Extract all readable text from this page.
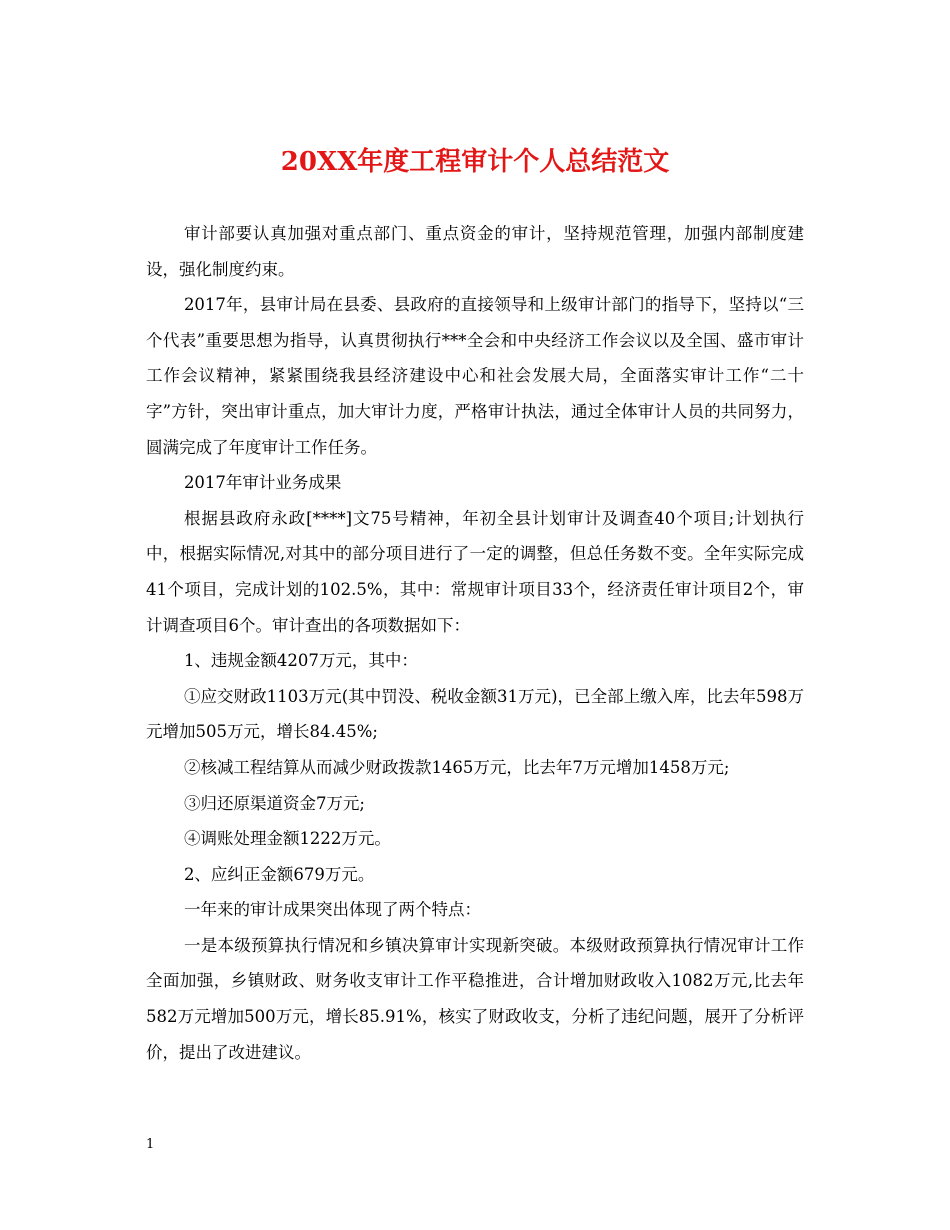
20XX年度工程审计个人总结范文

审计部要认真加强对重点部门、重点资金的审计，坚持规范管理，加强内部制度建设，强化制度约束。

2017年，县审计局在县委、县政府的直接领导和上级审计部门的指导下，坚持以“三个代表”重要思想为指导，认真贯彻执行***全会和中央经济工作会议以及全国、盛市审计工作会议精神，紧紧围绕我县经济建设中心和社会发展大局，全面落实审计工作“二十字”方针，突出审计重点，加大审计力度，严格审计执法，通过全体审计人员的共同努力，圆满完成了年度审计工作任务。

2017年审计业务成果

根据县政府永政[****]文75号精神，年初全县计划审计及调查40个项目;计划执行中，根据实际情况,对其中的部分项目进行了一定的调整，但总任务数不变。全年实际完成41个项目，完成计划的102.5%，其中：常规审计项目33个，经济责任审计项目2个，审计调查项目6个。审计查出的各项数据如下：

1、违规金额4207万元，其中：

①应交财政1103万元(其中罚没、税收金额31万元)，已全部上缴入库，比去年598万元增加505万元，增长84.45%;

②核减工程结算从而减少财政拨款1465万元，比去年7万元增加1458万元;

③归还原渠道资金7万元;

④调账处理金额1222万元。

2、应纠正金额679万元。

一年来的审计成果突出体现了两个特点：

一是本级预算执行情况和乡镇决算审计实现新突破。本级财政预算执行情况审计工作全面加强，乡镇财政、财务收支审计工作平稳推进，合计增加财政收入1082万元,比去年582万元增加500万元，增长85.91%，核实了财政收支，分析了违纪问题，展开了分析评价，提出了改进建议。

1
